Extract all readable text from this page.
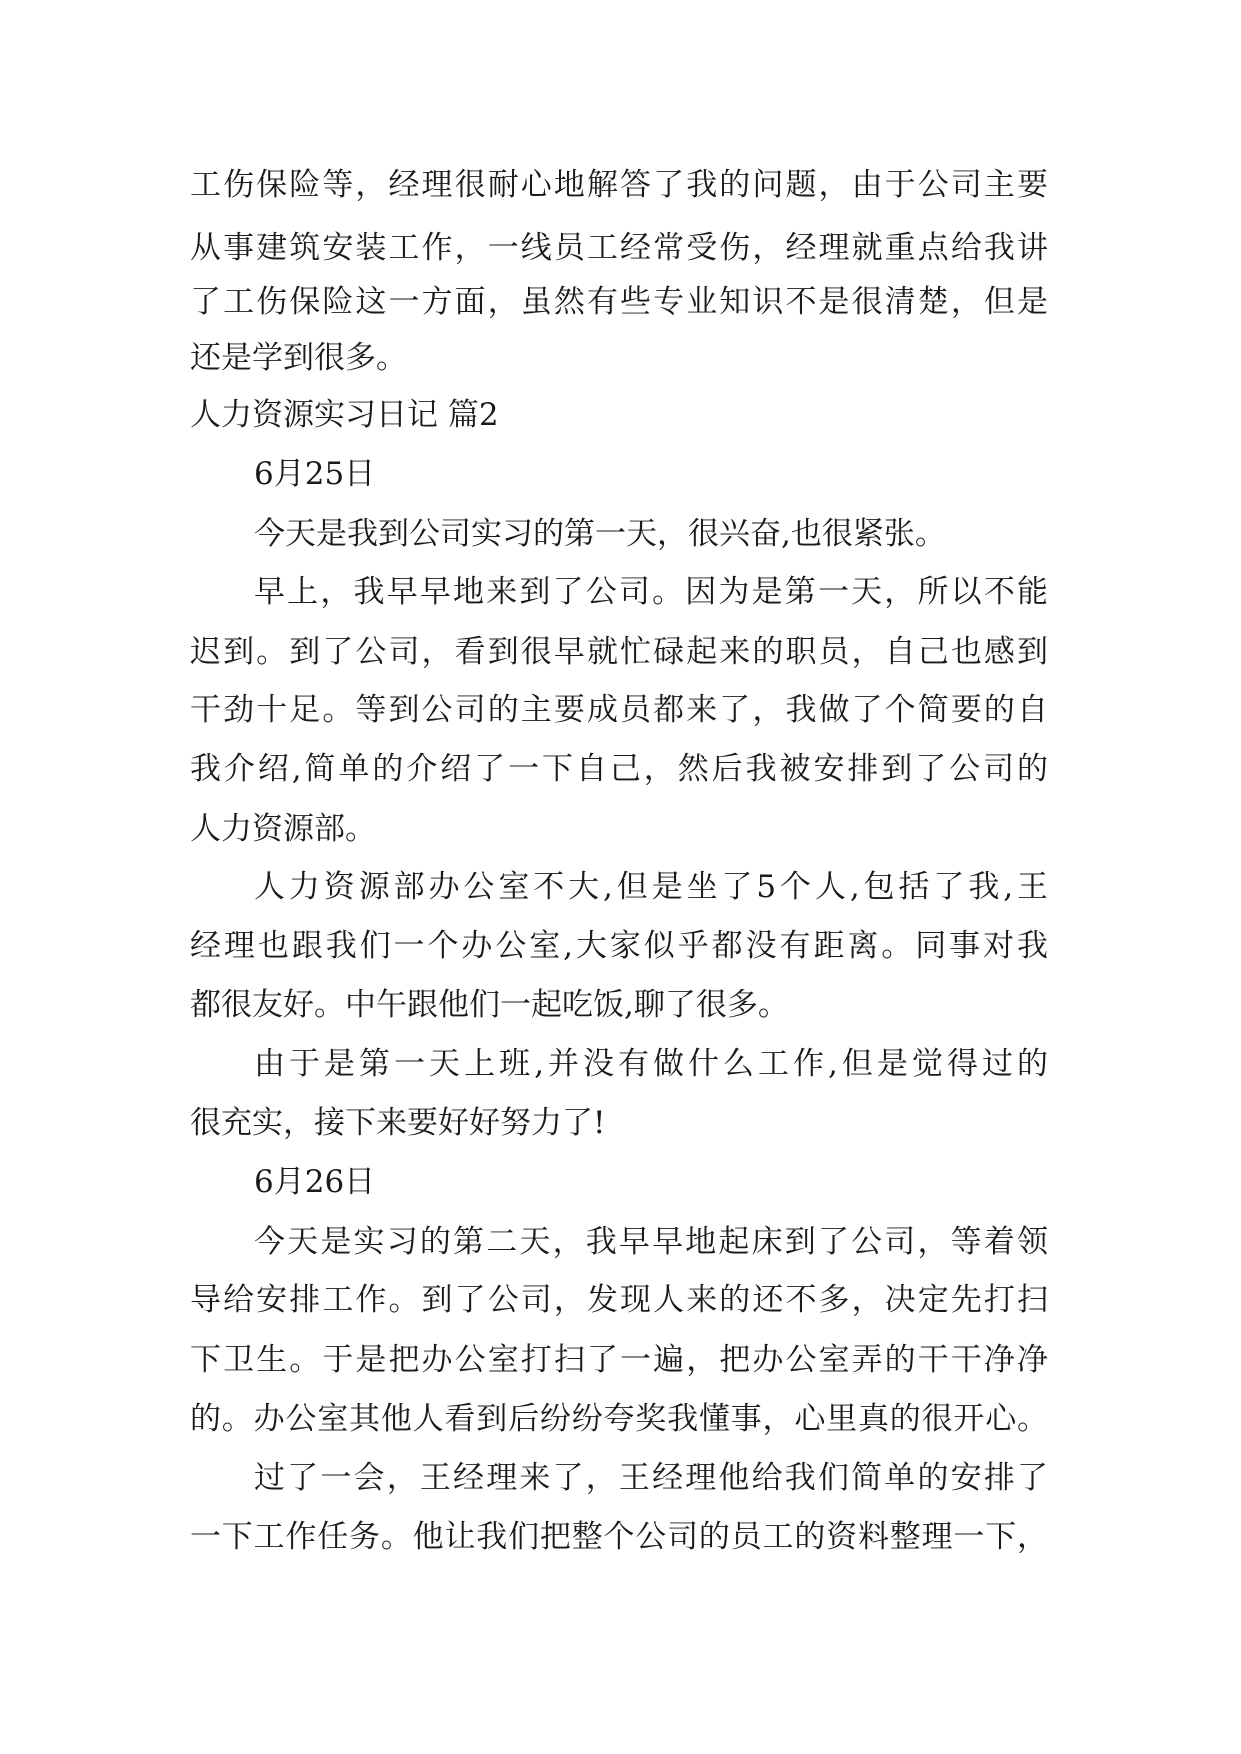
工伤保险等，经理很耐心地解答了我的问题，由于公司主要
从事建筑安装工作，一线员工经常受伤，经理就重点给我讲
了工伤保险这一方面，虽然有些专业知识不是很清楚，但是
还是学到很多。
人力资源实习日记 篇2
6月25日
今天是我到公司实习的第一天，很兴奋,也很紧张。
早上，我早早地来到了公司。因为是第一天，所以不能
迟到。到了公司，看到很早就忙碌起来的职员，自己也感到
干劲十足。等到公司的主要成员都来了，我做了个简要的自
我介绍,简单的介绍了一下自己，然后我被安排到了公司的
人力资源部。
人力资源部办公室不大,但是坐了5个人,包括了我,王
经理也跟我们一个办公室,大家似乎都没有距离。同事对我
都很友好。中午跟他们一起吃饭,聊了很多。
由于是第一天上班,并没有做什么工作,但是觉得过的
很充实，接下来要好好努力了!
6月26日
今天是实习的第二天，我早早地起床到了公司，等着领
导给安排工作。到了公司，发现人来的还不多，决定先打扫
下卫生。于是把办公室打扫了一遍，把办公室弄的干干净净
的。办公室其他人看到后纷纷夸奖我懂事，心里真的很开心。
过了一会，王经理来了，王经理他给我们简单的安排了
一下工作任务。他让我们把整个公司的员工的资料整理一下，
